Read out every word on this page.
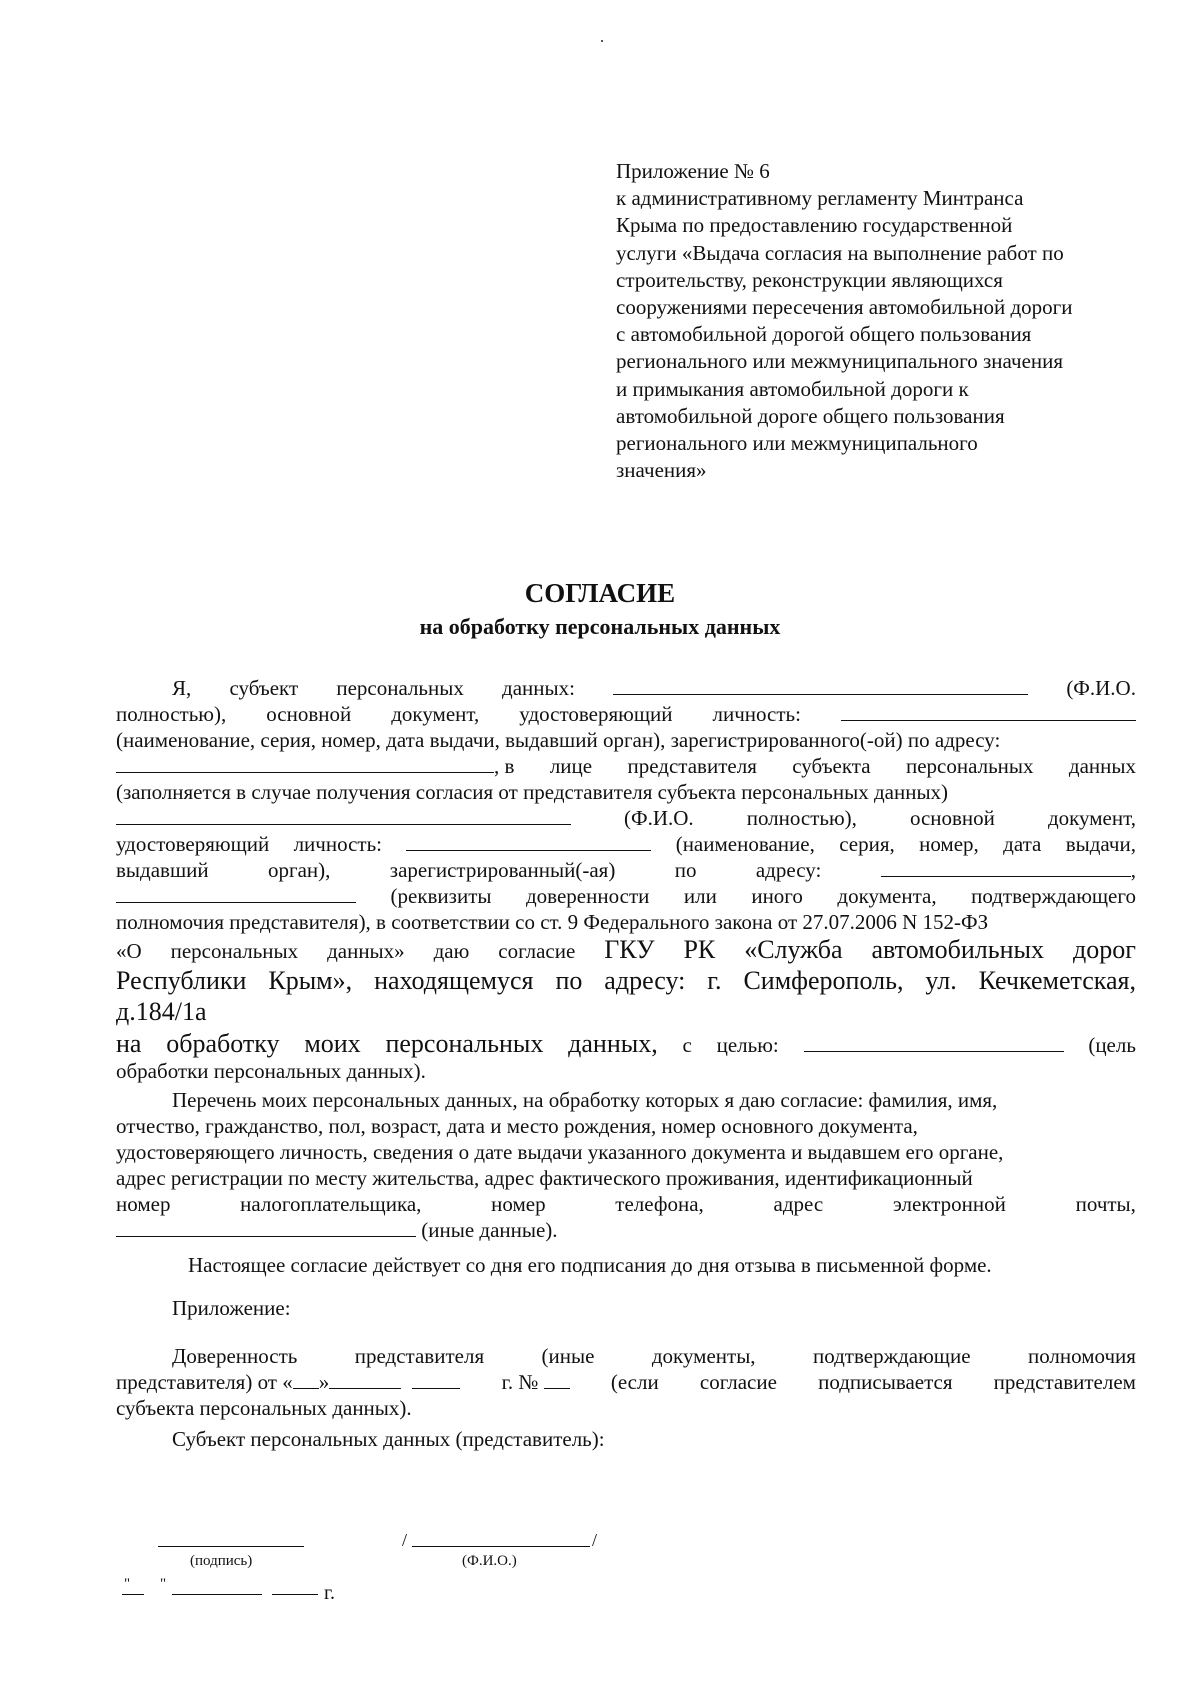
Приложение № 6
к административному регламенту Минтранса
Крыма по предоставлению государственной
услуги «Выдача согласия на выполнение работ по
строительству, реконструкции являющихся
сооружениями пересечения автомобильной дороги
с автомобильной дорогой общего пользования
регионального или межмуниципального значения
и примыкания автомобильной дороги к
автомобильной дороге общего пользования
регионального или межмуниципального
значения»
СОГЛАСИЕ
на обработку персональных данных
Я, субъект персональных данных:	(Ф.И.О.
полностью), основной документ, удостоверяющий личность:
(наименование, серия, номер, дата выдачи, выдавший орган), зарегистрированного(-ой) по адресу:
, в лице представителя субъекта персональных данных
(заполняется в случае получения согласия от представителя субъекта персональных данных)
(Ф.И.О.	полностью),	основной	документ,
удостоверяющий личность:	(наименование, серия, номер, дата выдачи,
выдавший	орган),	зарегистрированный(-ая)	по	адресу:	,
(реквизиты доверенности или иного документа, подтверждающего
полномочия представителя), в соответствии со ст. 9 Федерального закона от 27.07.2006 N 152-ФЗ
«О персональных данных» даю согласие ГКУ РК «Служба автомобильных дорог
Республики Крым», находящемуся по адресу: г. Симферополь, ул. Кечкеметская,
д.184/1а
на обработку моих персональных данных, с целью:	(цель
обработки персональных данных).
Перечень моих персональных данных, на обработку которых я даю согласие: фамилия, имя,
отчество, гражданство, пол, возраст, дата и место рождения, номер основного документа,
удостоверяющего личность, сведения о дате выдачи указанного документа и выдавшем его органе,
адрес регистрации по месту жительства, адрес фактического проживания, идентификационный
номер	налогоплательщика,	номер	телефона,	адрес	электронной	почты,
(иные данные).
Настоящее согласие действует со дня его подписания до дня отзыва в письменной форме.
Приложение:
Доверенность	представителя	(иные	документы,	подтверждающие	полномочия
представителя) от « »	г. №	(если согласие подписывается представителем
субъекта персональных данных).
Субъект персональных данных (представитель):
(подпись)
/	/
(Ф.И.О.)
" "	г.
